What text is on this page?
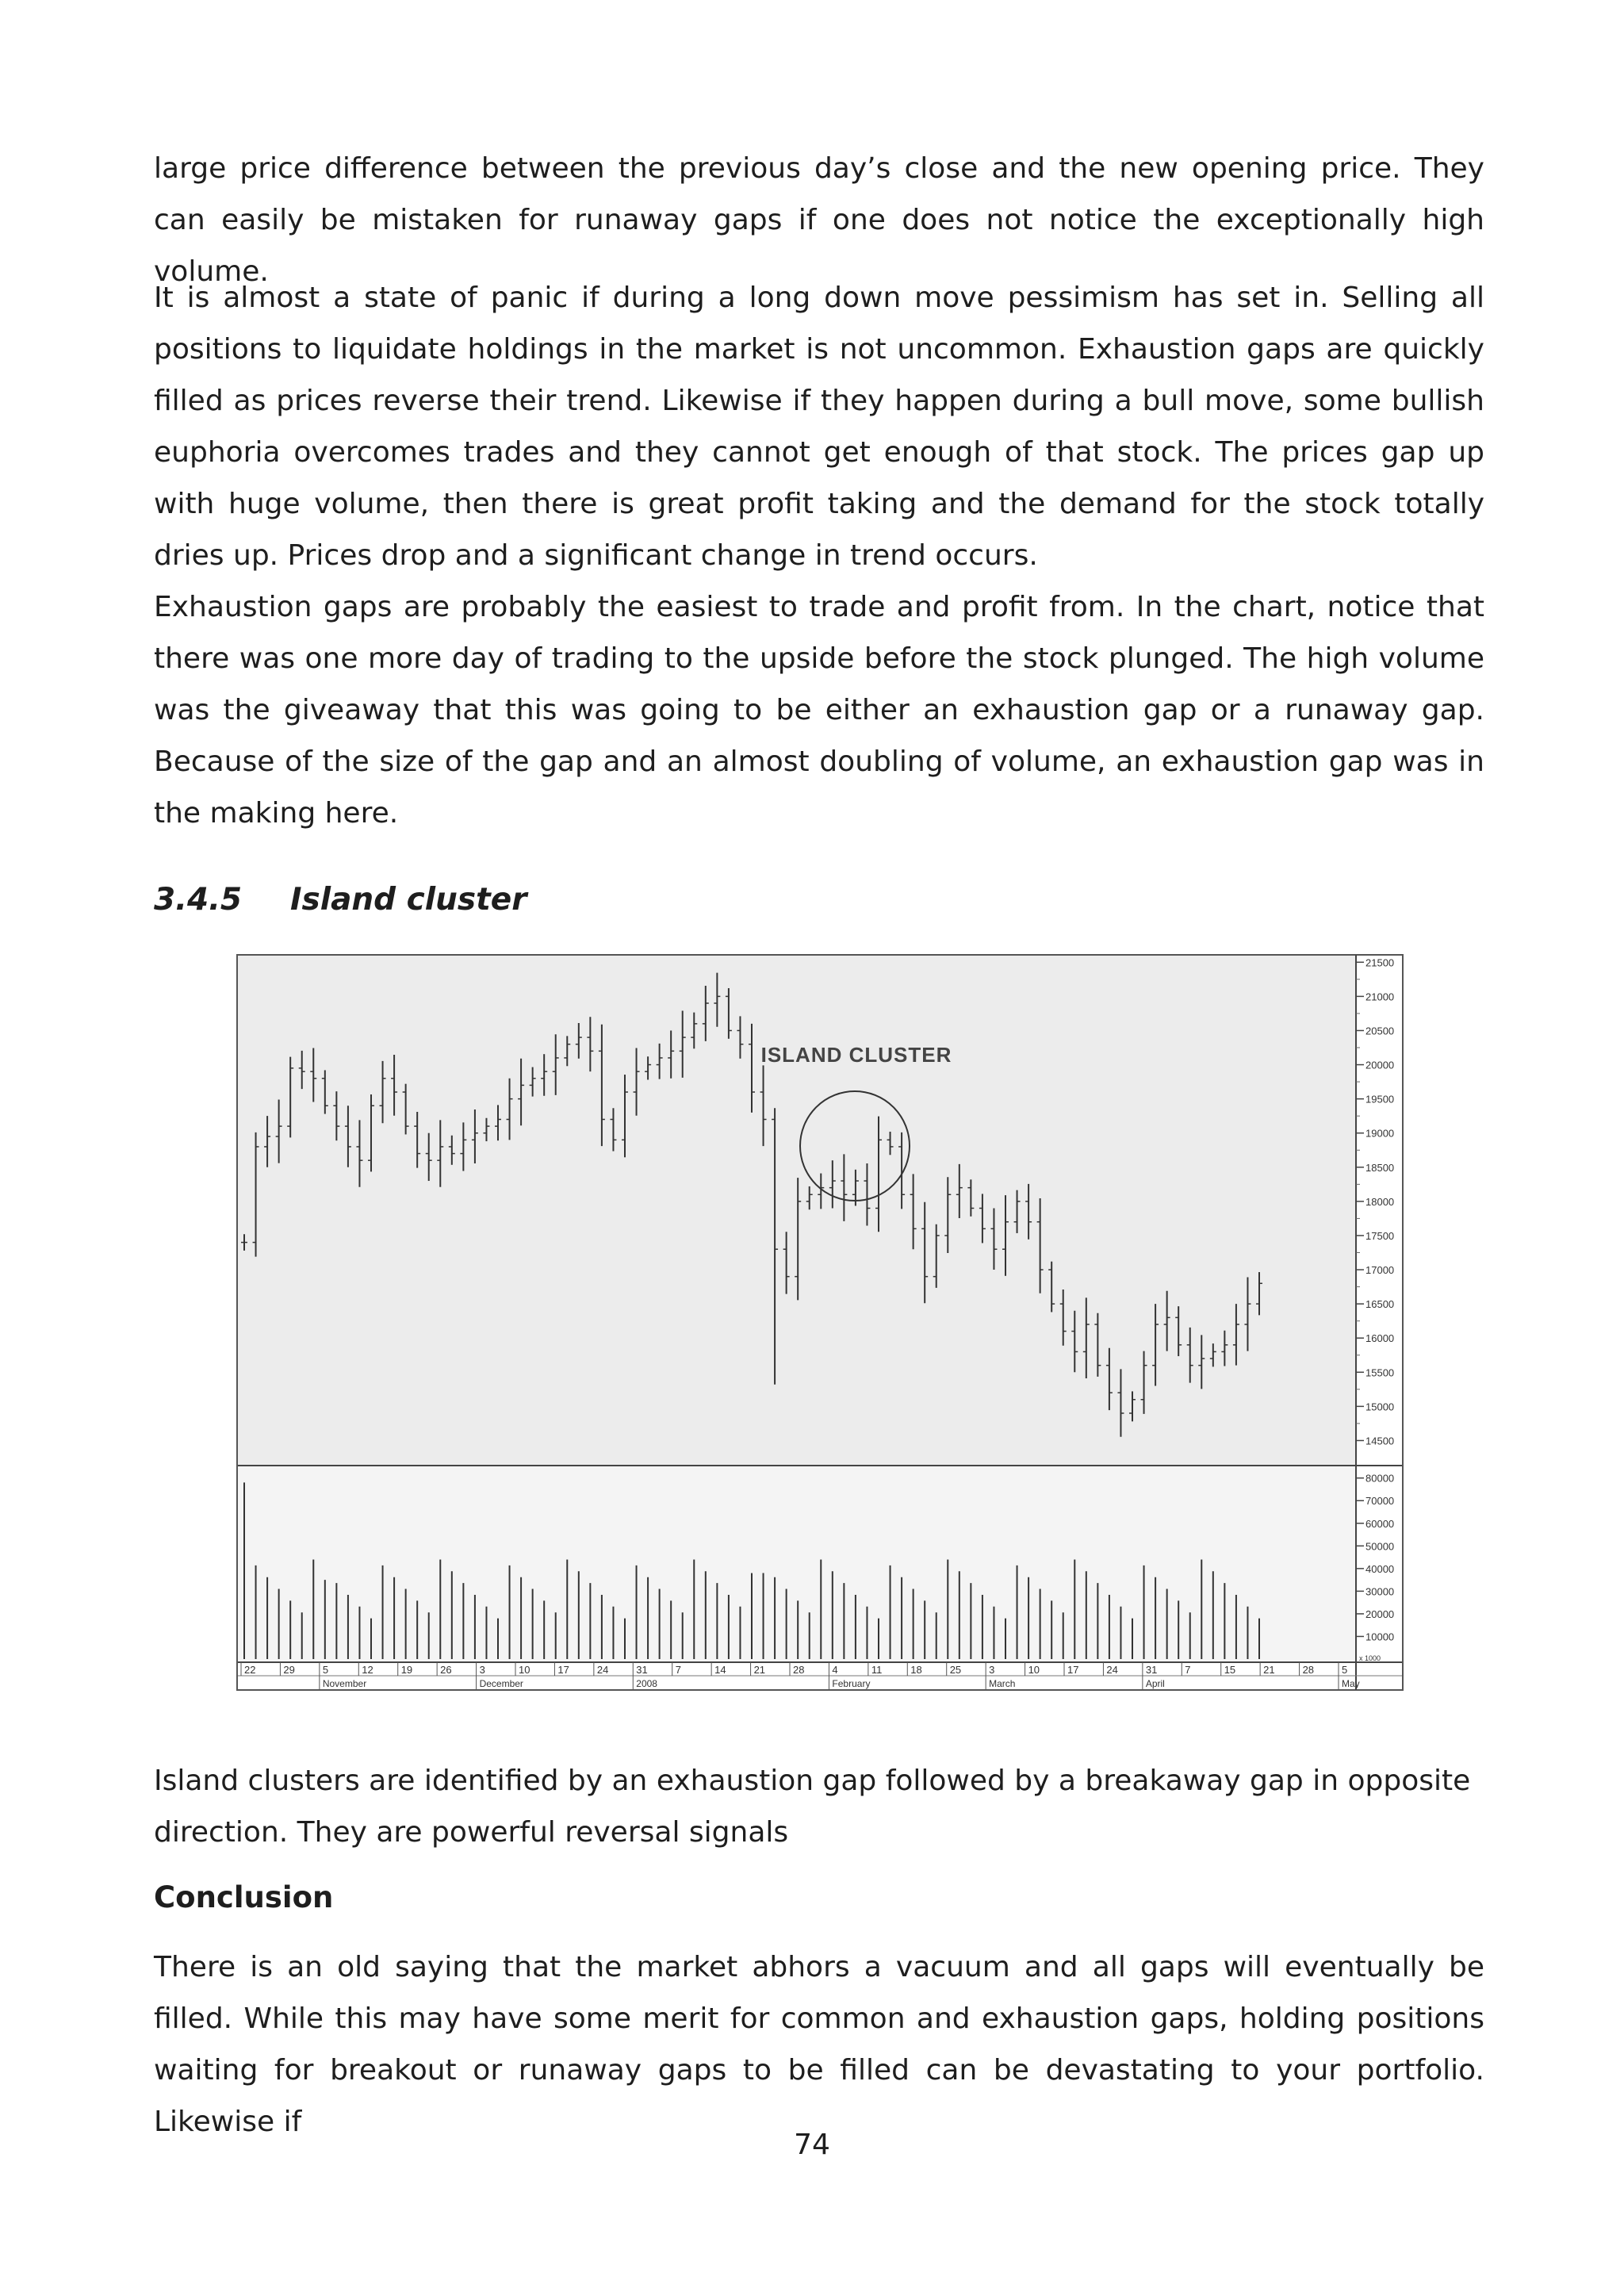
large price difference between the previous day’s close and the new opening price. They can easily be mistaken for runaway gaps if one does not notice the exceptionally high volume.

It is almost a state of panic if during a long down move pessimism has set in. Selling all positions to liquidate holdings in the market is not uncommon. Exhaustion gaps are quickly filled as prices reverse their trend. Likewise if they happen during a bull move, some bullish euphoria overcomes trades and they cannot get enough of that stock. The prices gap up with huge volume, then there is great profit taking and the demand for the stock totally dries up. Prices drop and a significant change in trend occurs.

Exhaustion gaps are probably the easiest to trade and profit from. In the chart, notice that there was one more day of trading to the upside before the stock plunged. The high volume was the giveaway that this was going to be either an exhaustion gap or a runaway gap. Because of the size of the gap and an almost doubling of volume, an exhaustion gap was in the making here.

3.4.5 Island cluster
21500
21000
20500
20000
19500
19000
18500
18000
17500
17000
16500
16000
15500
15000
14500
80000
70000
60000
50000
40000
30000
20000
10000
x 1000
22	29	5	12	19	26	3	10	17	24	31	7	14	21	28	4	11	18	25	3	10	17	24	31	7	15	21	28	5
November	December	2008	February	March	April	May
ISLAND CLUSTER

Island clusters are identified by an exhaustion gap followed by a breakaway gap in opposite direction. They are powerful reversal signals

Conclusion

There is an old saying that the market abhors a vacuum and all gaps will eventually be filled. While this may have some merit for common and exhaustion gaps, holding positions waiting for breakout or runaway gaps to be filled can be devastating to your portfolio. Likewise if

74
